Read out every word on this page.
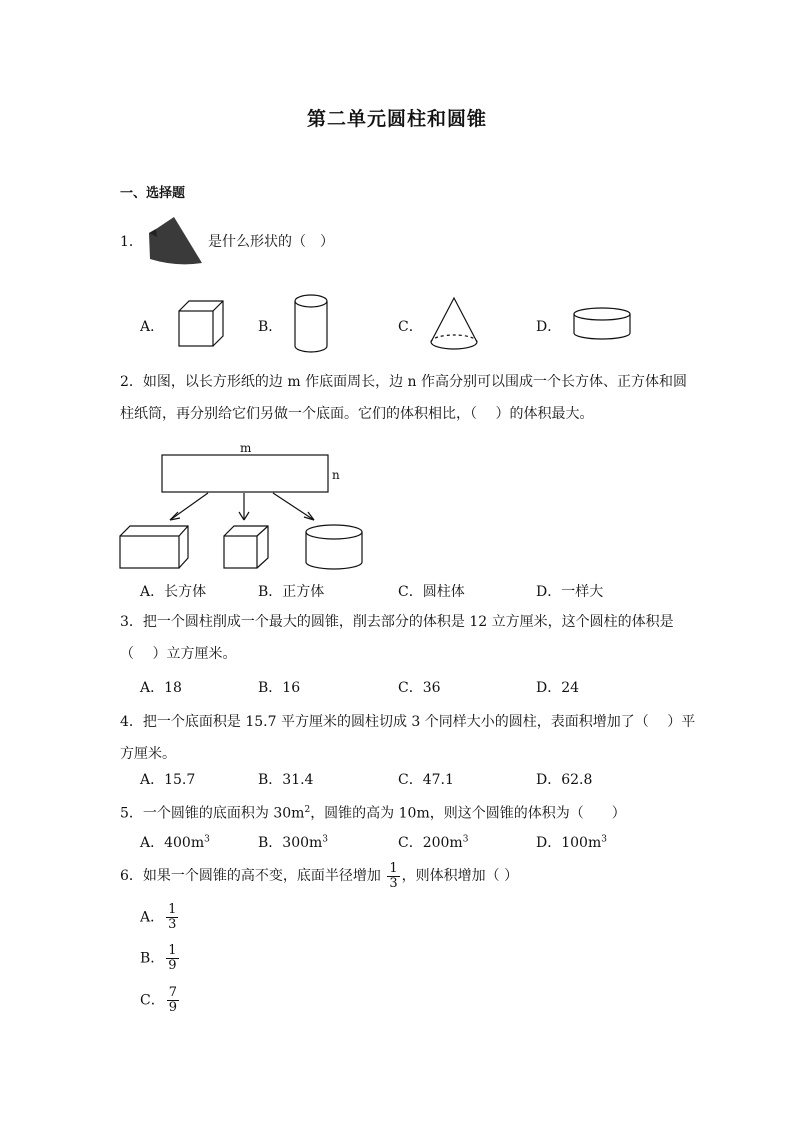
第二单元圆柱和圆锥
一、选择题
1．	是什么形状的（　）
A．	B．	C．	D．
2．如图，以长方形纸的边 m 作底面周长，边 n 作高分别可以围成一个长方体、正方体和圆
柱纸筒，再分别给它们另做一个底面。它们的体积相比，（　 ）的体积最大。
m
n
A．长方体	B．正方体	C．圆柱体	D．一样大
3．把一个圆柱削成一个最大的圆锥，削去部分的体积是 12 立方厘米，这个圆柱的体积是
（　 ）立方厘米。
A．18	B．16	C．36	D．24
4．把一个底面积是 15.7 平方厘米的圆柱切成 3 个同样大小的圆柱，表面积增加了（　 ）平
方厘米。
A．15.7	B．31.4	C．47.1	D．62.8
5．一个圆锥的底面积为 $30m^2$，圆锥的高为 10m，则这个圆锥的体积为（　　）
A．$400m^3$	B．$300m^3$	C．$200m^3$	D．$100m^3$
6．如果一个圆锥的高不变，底面半径增加 $\frac{1}{3}$ ，则体积增加（ ）
A． $\frac{1}{3}$
B． $\frac{1}{9}$
C． $\frac{7}{9}$
